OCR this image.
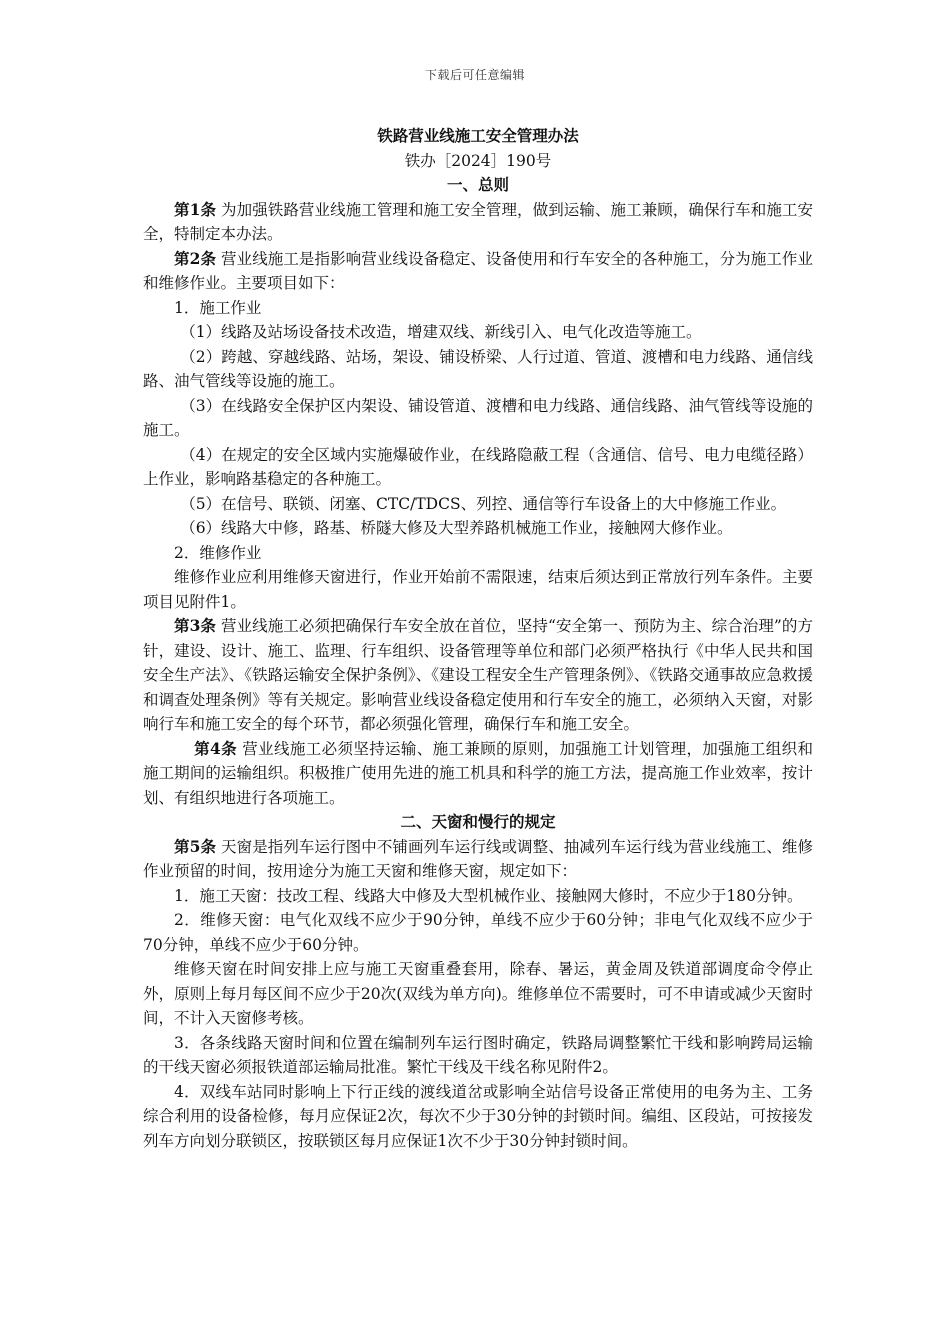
下载后可任意编辑
铁路营业线施工安全管理办法
铁办［2024］190号
一、总则

第1条 为加强铁路营业线施工管理和施工安全管理，做到运输、施工兼顾，确保行车和施工安全，特制定本办法。

第2条 营业线施工是指影响营业线设备稳定、设备使用和行车安全的各种施工，分为施工作业和维修作业。主要项目如下：

1．施工作业

（1）线路及站场设备技术改造，增建双线、新线引入、电气化改造等施工。

（2）跨越、穿越线路、站场，架设、铺设桥梁、人行过道、管道、渡槽和电力线路、通信线路、油气管线等设施的施工。

（3）在线路安全保护区内架设、铺设管道、渡槽和电力线路、通信线路、油气管线等设施的施工。

（4）在规定的安全区域内实施爆破作业，在线路隐蔽工程（含通信、信号、电力电缆径路）上作业，影响路基稳定的各种施工。

（5）在信号、联锁、闭塞、CTC/TDCS、列控、通信等行车设备上的大中修施工作业。

（6）线路大中修，路基、桥隧大修及大型养路机械施工作业，接触网大修作业。

2．维修作业

维修作业应利用维修天窗进行，作业开始前不需限速，结束后须达到正常放行列车条件。主要项目见附件1。

第3条 营业线施工必须把确保行车安全放在首位，坚持“安全第一、预防为主、综合治理”的方针，建设、设计、施工、监理、行车组织、设备管理等单位和部门必须严格执行《中华人民共和国安全生产法》、《铁路运输安全保护条例》、《建设工程安全生产管理条例》、《铁路交通事故应急救援和调查处理条例》等有关规定。影响营业线设备稳定使用和行车安全的施工，必须纳入天窗，对影响行车和施工安全的每个环节，都必须强化管理，确保行车和施工安全。

第4条 营业线施工必须坚持运输、施工兼顾的原则，加强施工计划管理，加强施工组织和施工期间的运输组织。积极推广使用先进的施工机具和科学的施工方法，提高施工作业效率，按计划、有组织地进行各项施工。

二、天窗和慢行的规定

第5条 天窗是指列车运行图中不铺画列车运行线或调整、抽减列车运行线为营业线施工、维修作业预留的时间，按用途分为施工天窗和维修天窗，规定如下：

1．施工天窗：技改工程、线路大中修及大型机械作业、接触网大修时，不应少于180分钟。

2．维修天窗：电气化双线不应少于90分钟，单线不应少于60分钟；非电气化双线不应少于70分钟，单线不应少于60分钟。

维修天窗在时间安排上应与施工天窗重叠套用，除春、暑运，黄金周及铁道部调度命令停止外，原则上每月每区间不应少于20次(双线为单方向)。维修单位不需要时，可不申请或减少天窗时间，不计入天窗修考核。

3．各条线路天窗时间和位置在编制列车运行图时确定，铁路局调整繁忙干线和影响跨局运输的干线天窗必须报铁道部运输局批准。繁忙干线及干线名称见附件2。

4．双线车站同时影响上下行正线的渡线道岔或影响全站信号设备正常使用的电务为主、工务综合利用的设备检修，每月应保证2次，每次不少于30分钟的封锁时间。编组、区段站，可按接发列车方向划分联锁区，按联锁区每月应保证1次不少于30分钟封锁时间。
